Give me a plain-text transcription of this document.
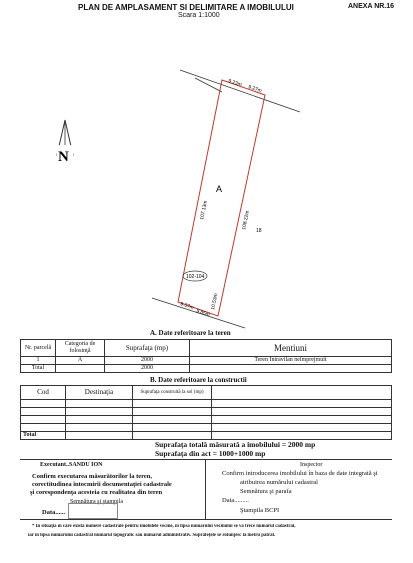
PLAN DE AMPLASAMENT SI DELIMITARE A IMOBILULUI	ANEXA NR.16
Scara 1:1000
9.23m
9.27m
107.13m	108.22m
10.53m
9.37m
9.85m
18
A
102-104
N
A. Date referitoare la teren
Nr. parcelă	Categoria de folosinţă	Suprafaţa (mp)	Mentiuni
1	A	2000	Teren Intravilan neimprejmuit
Total		2000	
B. Date referitoare la constructii
Cod	Destinaţia	Suprafaţa construită la sol (mp)	

Total			
Suprafaţa totală măsurată a imobilului = 2000 mp
Suprafaţa din act = 1000+1000 mp
Executant..SANDU ION
Confirm executarea măsurătorilor la teren,
corectitudinea întocmirii documentaţiei cadastrale
şi corespondenţa acesteia cu realitatea din teren
Semnătura şi ştampila
Data......
Inspector
Confirm introducerea imobilului în baza de date integrată şi
atribuirea numărului cadastral
Semnătura şi parafa
Data.........
Ştampila BCPI
* În situaţia în care există numere cadastrale pentru imobilele vecine, în lipsa numărului vecinului se va trece numărul cadastral,
iar în lipsa numărului cadastral numărul topografic sau numărul administrativ. Suprafeţele se rotunjesc la metru pătrat.
